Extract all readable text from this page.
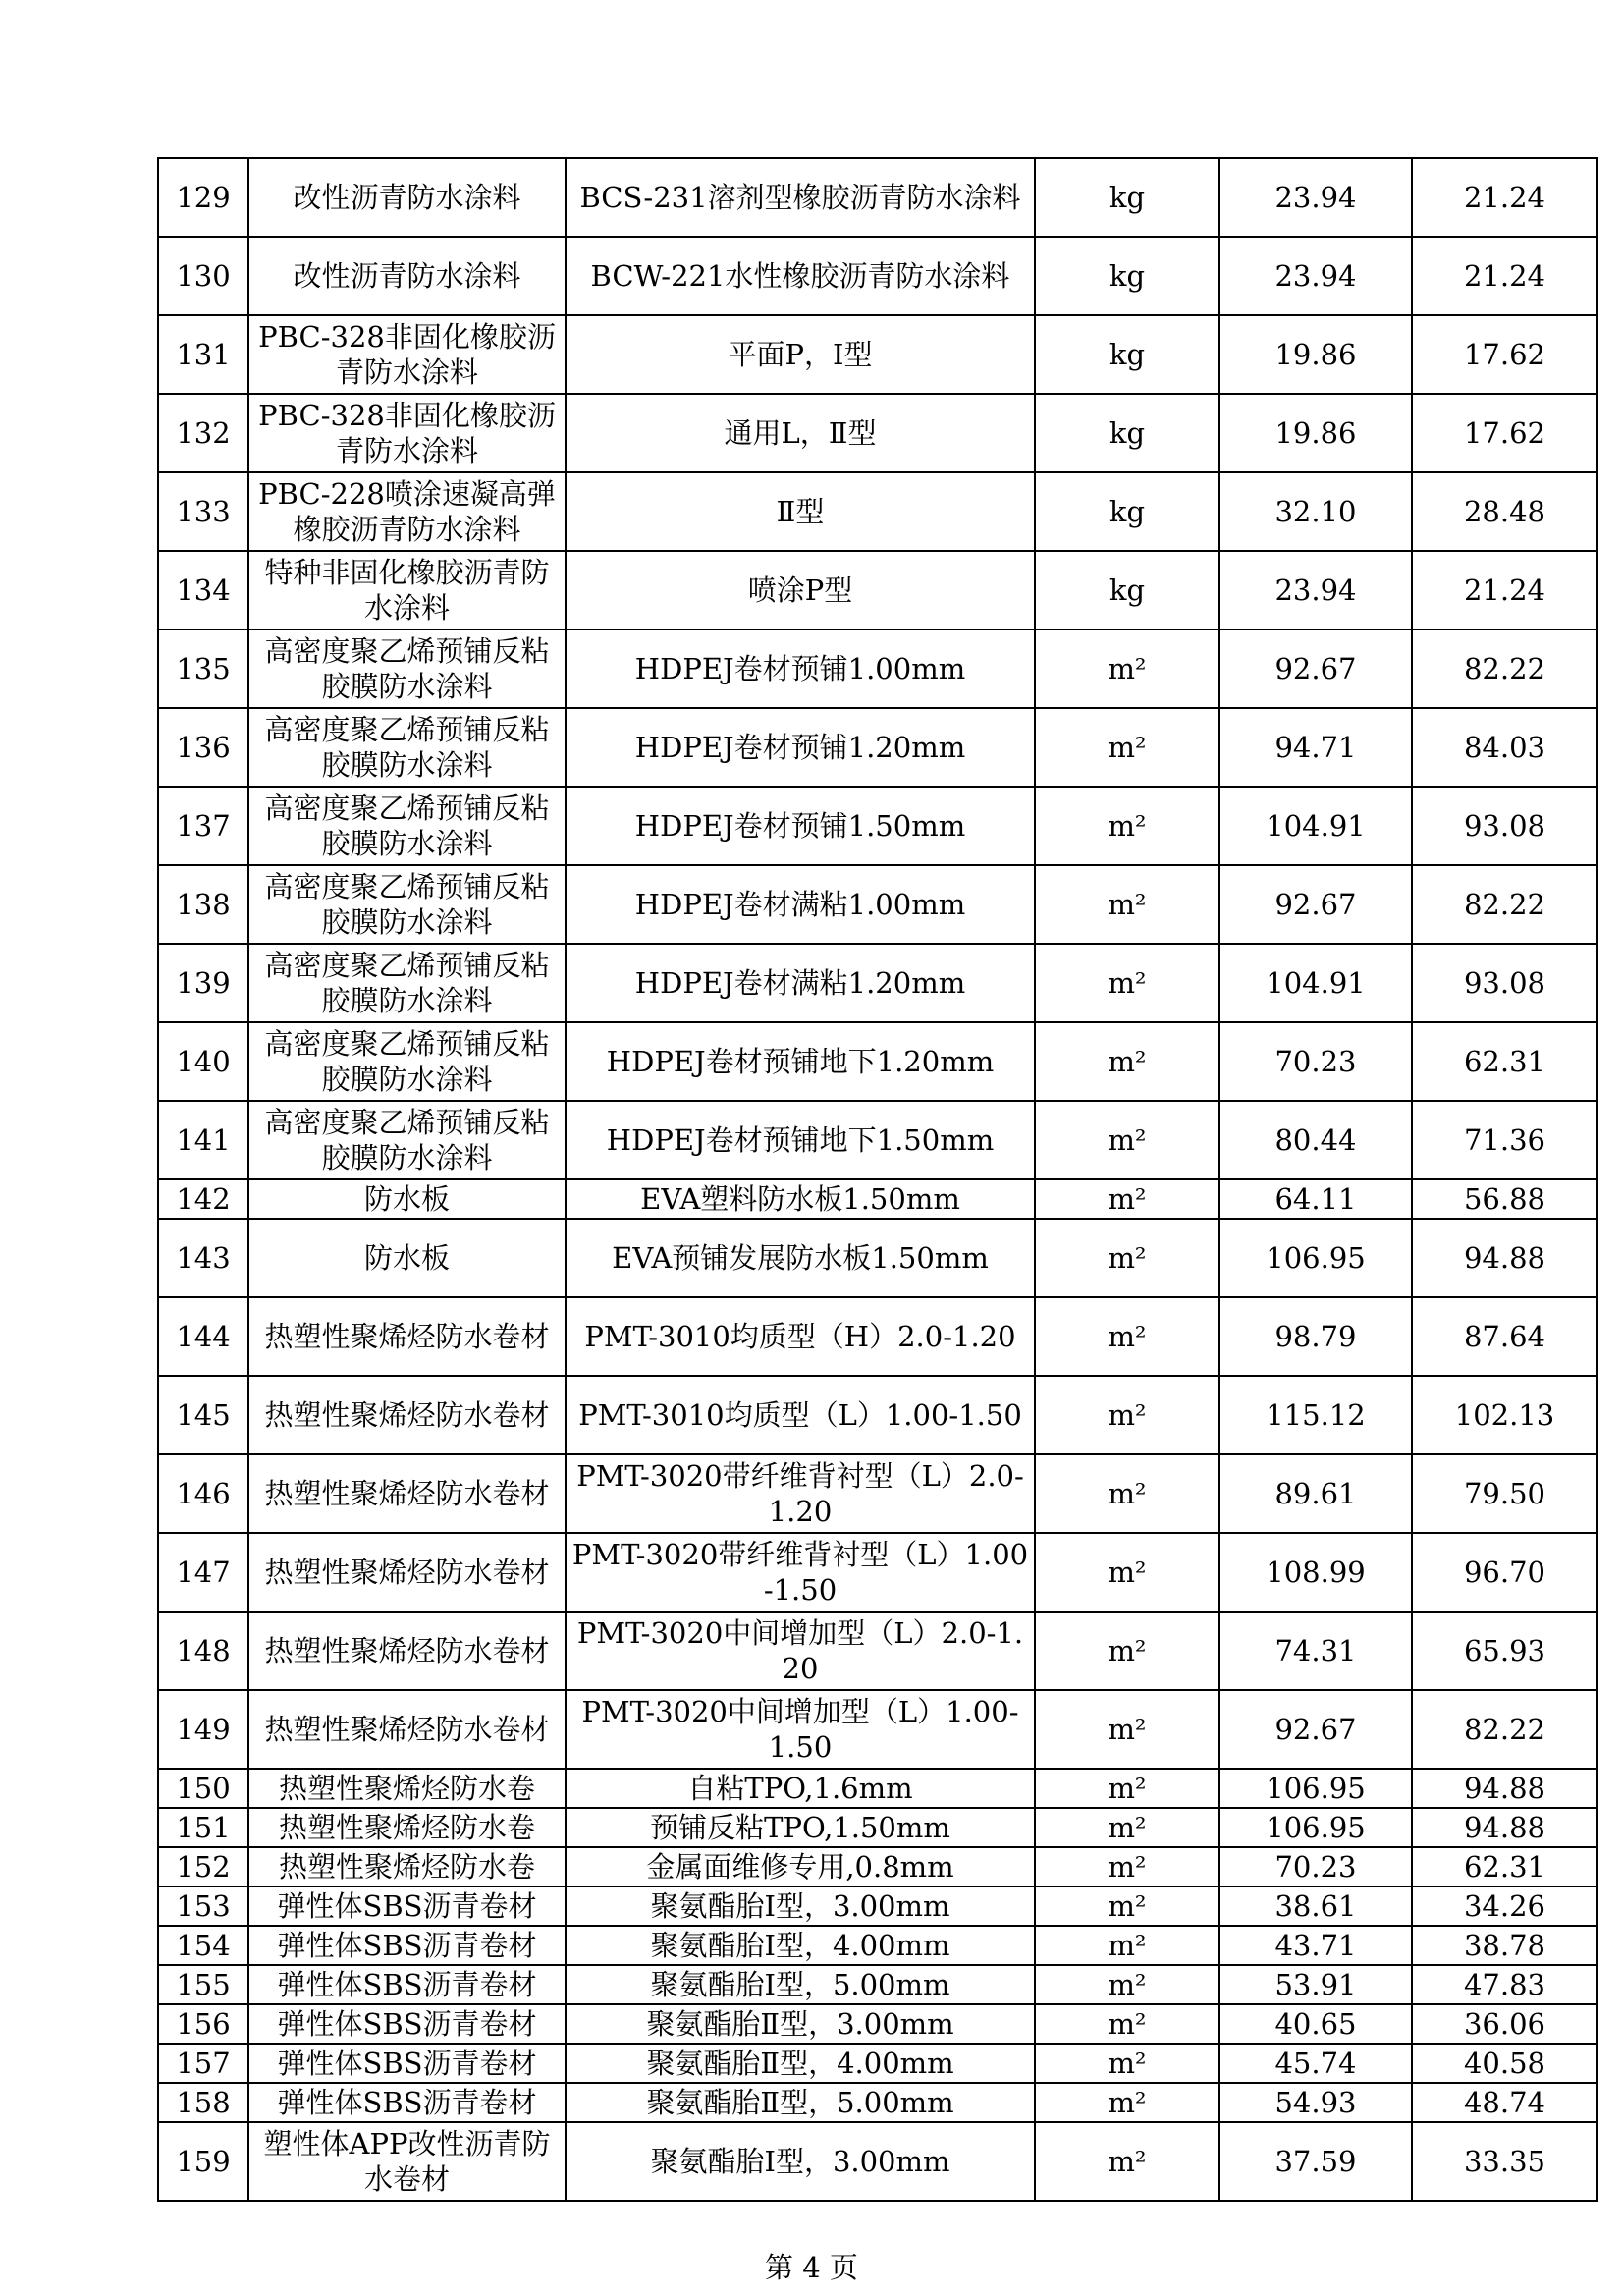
129	改性沥青防水涂料	BCS-231溶剂型橡胶沥青防水涂料	kg	23.94	21.24
130	改性沥青防水涂料	BCW-221水性橡胶沥青防水涂料	kg	23.94	21.24
131	PBC-328非固化橡胶沥青防水涂料	平面P，Ⅰ型	kg	19.86	17.62
132	PBC-328非固化橡胶沥青防水涂料	通用L，Ⅱ型	kg	19.86	17.62
133	PBC-228喷涂速凝高弹橡胶沥青防水涂料	Ⅱ型	kg	32.10	28.48
134	特种非固化橡胶沥青防水涂料	喷涂P型	kg	23.94	21.24
135	高密度聚乙烯预铺反粘胶膜防水涂料	HDPEJ卷材预铺1.00mm	m²	92.67	82.22
136	高密度聚乙烯预铺反粘胶膜防水涂料	HDPEJ卷材预铺1.20mm	m²	94.71	84.03
137	高密度聚乙烯预铺反粘胶膜防水涂料	HDPEJ卷材预铺1.50mm	m²	104.91	93.08
138	高密度聚乙烯预铺反粘胶膜防水涂料	HDPEJ卷材满粘1.00mm	m²	92.67	82.22
139	高密度聚乙烯预铺反粘胶膜防水涂料	HDPEJ卷材满粘1.20mm	m²	104.91	93.08
140	高密度聚乙烯预铺反粘胶膜防水涂料	HDPEJ卷材预铺地下1.20mm	m²	70.23	62.31
141	高密度聚乙烯预铺反粘胶膜防水涂料	HDPEJ卷材预铺地下1.50mm	m²	80.44	71.36
142	防水板	EVA塑料防水板1.50mm	m²	64.11	56.88
143	防水板	EVA预铺发展防水板1.50mm	m²	106.95	94.88
144	热塑性聚烯烃防水卷材	PMT-3010均质型（H）2.0-1.20	m²	98.79	87.64
145	热塑性聚烯烃防水卷材	PMT-3010均质型（L）1.00-1.50	m²	115.12	102.13
146	热塑性聚烯烃防水卷材	PMT-3020带纤维背衬型（L）2.0-1.20	m²	89.61	79.50
147	热塑性聚烯烃防水卷材	PMT-3020带纤维背衬型（L）1.00-1.50	m²	108.99	96.70
148	热塑性聚烯烃防水卷材	PMT-3020中间增加型（L）2.0-1.20	m²	74.31	65.93
149	热塑性聚烯烃防水卷材	PMT-3020中间增加型（L）1.00-1.50	m²	92.67	82.22
150	热塑性聚烯烃防水卷	自粘TPO,1.6mm	m²	106.95	94.88
151	热塑性聚烯烃防水卷	预铺反粘TPO,1.50mm	m²	106.95	94.88
152	热塑性聚烯烃防水卷	金属面维修专用,0.8mm	m²	70.23	62.31
153	弹性体SBS沥青卷材	聚氨酯胎Ⅰ型，3.00mm	m²	38.61	34.26
154	弹性体SBS沥青卷材	聚氨酯胎Ⅰ型，4.00mm	m²	43.71	38.78
155	弹性体SBS沥青卷材	聚氨酯胎Ⅰ型，5.00mm	m²	53.91	47.83
156	弹性体SBS沥青卷材	聚氨酯胎Ⅱ型，3.00mm	m²	40.65	36.06
157	弹性体SBS沥青卷材	聚氨酯胎Ⅱ型，4.00mm	m²	45.74	40.58
158	弹性体SBS沥青卷材	聚氨酯胎Ⅱ型，5.00mm	m²	54.93	48.74
159	塑性体APP改性沥青防水卷材	聚氨酯胎Ⅰ型，3.00mm	m²	37.59	33.35
第 4 页
